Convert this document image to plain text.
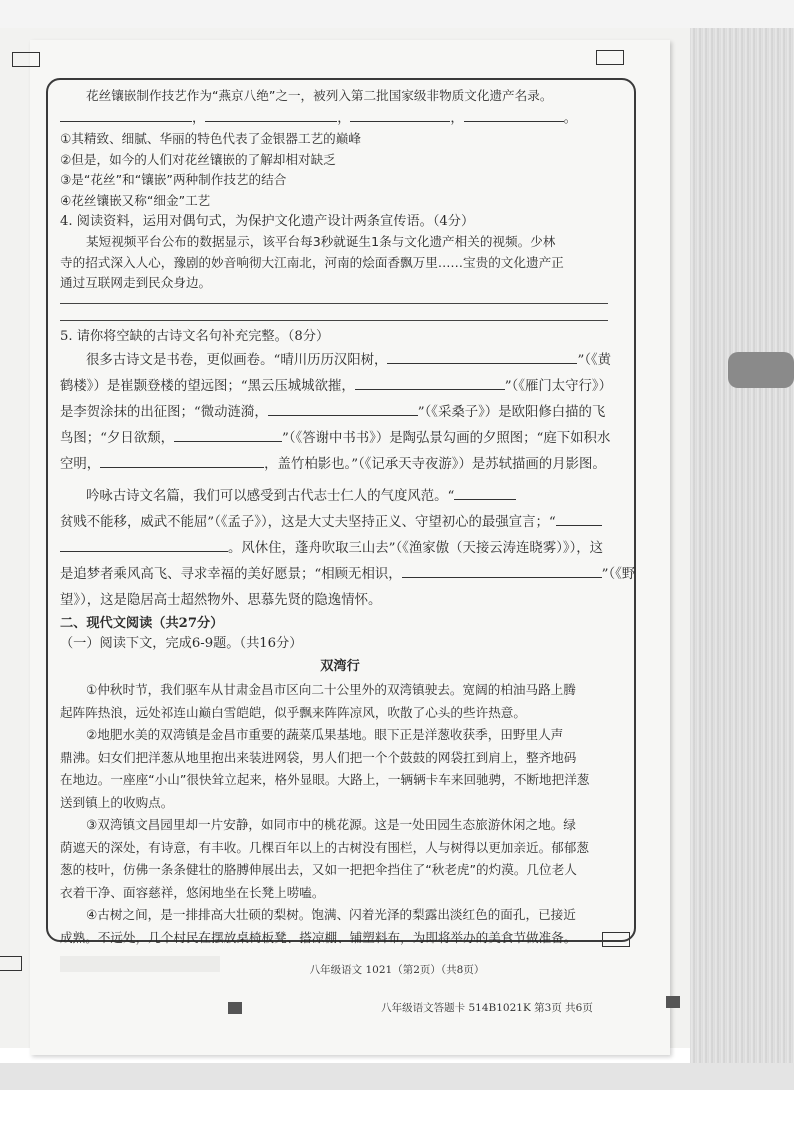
花丝镶嵌制作技艺作为“燕京八绝”之一，被列入第二批国家级非物质文化遗产名录。

，	，	，	。

①其精致、细腻、华丽的特色代表了金银器工艺的巅峰

②但是，如今的人们对花丝镶嵌的了解却相对缺乏

③是“花丝”和“镶嵌”两种制作技艺的结合

④花丝镶嵌又称“细金”工艺

4. 阅读资料，运用对偶句式，为保护文化遗产设计两条宣传语。（4分）

某短视频平台公布的数据显示，该平台每3秒就诞生1条与文化遗产相关的视频。少林

寺的招式深入人心，豫剧的妙音响彻大江南北，河南的烩面香飘万里……宝贵的文化遗产正

通过互联网走到民众身边。

5. 请你将空缺的古诗文名句补充完整。（8分）

很多古诗文是书卷，更似画卷。“晴川历历汉阳树，	”（《黄

鹤楼》）是崔颢登楼的望远图；“黑云压城城欲摧，	”（《雁门太守行》）

是李贺涂抹的出征图；“微动涟漪，	”（《采桑子》）是欧阳修白描的飞

鸟图；“夕日欲颓，	”（《答谢中书书》）是陶弘景勾画的夕照图；“庭下如积水

空明，	，盖竹柏影也。”（《记承天寺夜游》）是苏轼描画的月影图。

吟咏古诗文名篇，我们可以感受到古代志士仁人的气度风范。“

贫贱不能移，威武不能屈”（《孟子》），这是大丈夫坚持正义、守望初心的最强宣言；“

。风休住，蓬舟吹取三山去”（《渔家傲（天接云涛连晓雾）》），这

是追梦者乘风高飞、寻求幸福的美好愿景；“相顾无相识，	”（《野

望》），这是隐居高士超然物外、思慕先贤的隐逸情怀。

二、现代文阅读（共27分）

（一）阅读下文，完成6-9题。（共16分）

双湾行

①仲秋时节，我们驱车从甘肃金昌市区向二十公里外的双湾镇驶去。宽阔的柏油马路上腾

起阵阵热浪，远处祁连山巅白雪皑皑，似乎飘来阵阵凉风，吹散了心头的些许热意。

②地肥水美的双湾镇是金昌市重要的蔬菜瓜果基地。眼下正是洋葱收获季，田野里人声

鼎沸。妇女们把洋葱从地里抱出来装进网袋，男人们把一个个鼓鼓的网袋扛到肩上，整齐地码

在地边。一座座“小山”很快耸立起来，格外显眼。大路上，一辆辆卡车来回驰骋，不断地把洋葱

送到镇上的收购点。

③双湾镇文昌园里却一片安静，如同市中的桃花源。这是一处田园生态旅游休闲之地。绿

荫遮天的深处，有诗意，有丰收。几棵百年以上的古树没有围栏，人与树得以更加亲近。郁郁葱

葱的枝叶，仿佛一条条健壮的胳膊伸展出去，又如一把把伞挡住了“秋老虎”的灼漠。几位老人

衣着干净、面容慈祥，悠闲地坐在长凳上唠嗑。

④古树之间，是一排排高大壮硕的梨树。饱满、闪着光泽的梨露出淡红色的面孔，已接近

成熟。不远处，几个村民在摆放桌椅板凳、搭凉棚、铺塑料布，为即将举办的美食节做准备。

八年级语文 1021（第2页）（共8页）
八年级语文答题卡 514B1021K 第3页 共6页
